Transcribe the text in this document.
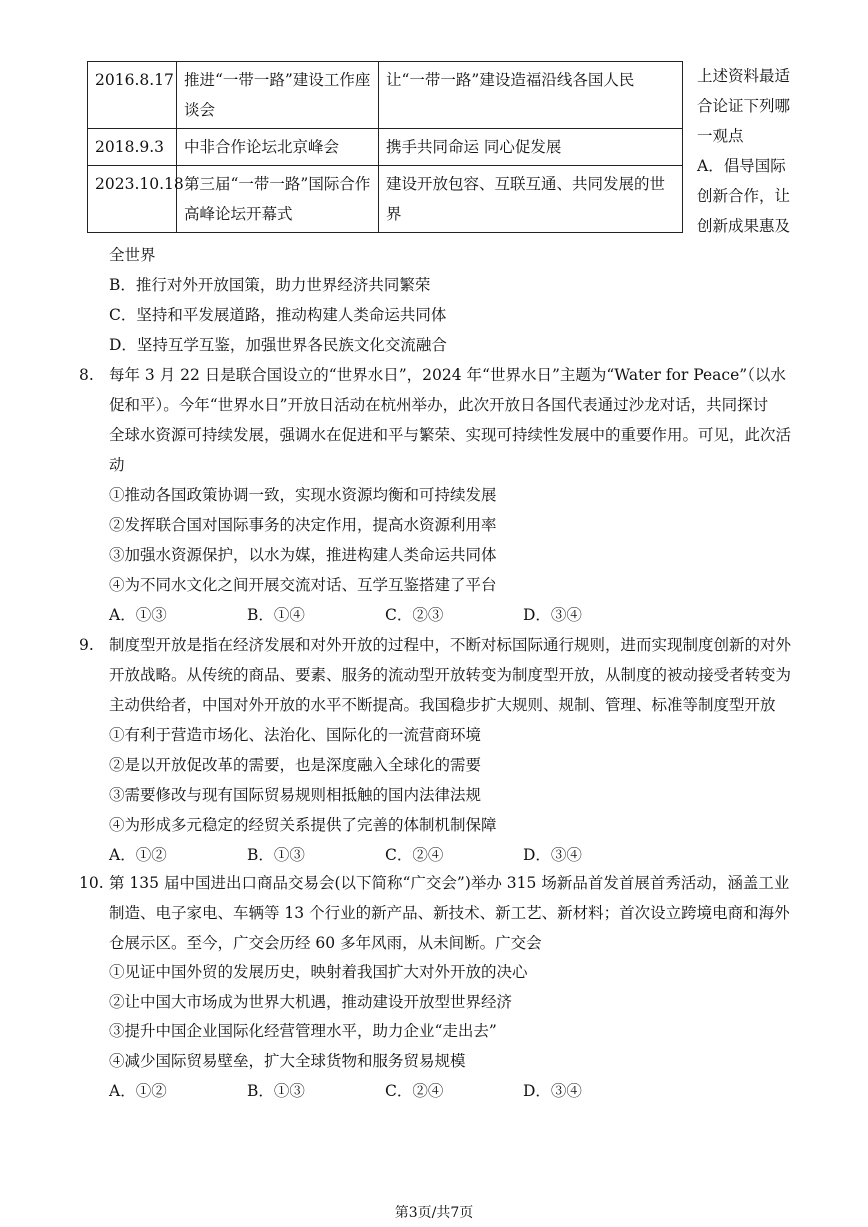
2016.8.17	推进“一带一路”建设工作座谈会	让“一带一路”建设造福沿线各国人民
2018.9.3	中非合作论坛北京峰会	携手共同命运 同心促发展
2023.10.18	第三届“一带一路”国际合作高峰论坛开幕式	建设开放包容、互联互通、共同发展的世界
上述资料最适
合论证下列哪
一观点
A．倡导国际
创新合作，让
创新成果惠及
全世界
B．推行对外开放国策，助力世界经济共同繁荣
C．坚持和平发展道路，推动构建人类命运共同体
D．坚持互学互鉴，加强世界各民族文化交流融合
8. 每年 3 月 22 日是联合国设立的“世界水日”，2024 年“世界水日”主题为“Water for Peace”（以水
促和平）。今年“世界水日”开放日活动在杭州举办，此次开放日各国代表通过沙龙对话，共同探讨
全球水资源可持续发展，强调水在促进和平与繁荣、实现可持续性发展中的重要作用。可见，此次活
动
①推动各国政策协调一致，实现水资源均衡和可持续发展
②发挥联合国对国际事务的决定作用，提高水资源利用率
③加强水资源保护，以水为媒，推进构建人类命运共同体
④为不同水文化之间开展交流对话、互学互鉴搭建了平台
A．①③	B．①④	C．②③	D．③④
9. 制度型开放是指在经济发展和对外开放的过程中，不断对标国际通行规则，进而实现制度创新的对外
开放战略。从传统的商品、要素、服务的流动型开放转变为制度型开放，从制度的被动接受者转变为
主动供给者，中国对外开放的水平不断提高。我国稳步扩大规则、规制、管理、标准等制度型开放
①有利于营造市场化、法治化、国际化的一流营商环境
②是以开放促改革的需要，也是深度融入全球化的需要
③需要修改与现有国际贸易规则相抵触的国内法律法规
④为形成多元稳定的经贸关系提供了完善的体制机制保障
A．①②	B．①③	C．②④	D．③④
10. 第 135 届中国进出口商品交易会(以下简称“广交会”)举办 315 场新品首发首展首秀活动，涵盖工业
制造、电子家电、车辆等 13 个行业的新产品、新技术、新工艺、新材料；首次设立跨境电商和海外
仓展示区。至今，广交会历经 60 多年风雨，从未间断。广交会
①见证中国外贸的发展历史，映射着我国扩大对外开放的决心
②让中国大市场成为世界大机遇，推动建设开放型世界经济
③提升中国企业国际化经营管理水平，助力企业“走出去”
④减少国际贸易壁垒，扩大全球货物和服务贸易规模
A．①②	B．①③	C．②④	D．③④
第3页/共7页
